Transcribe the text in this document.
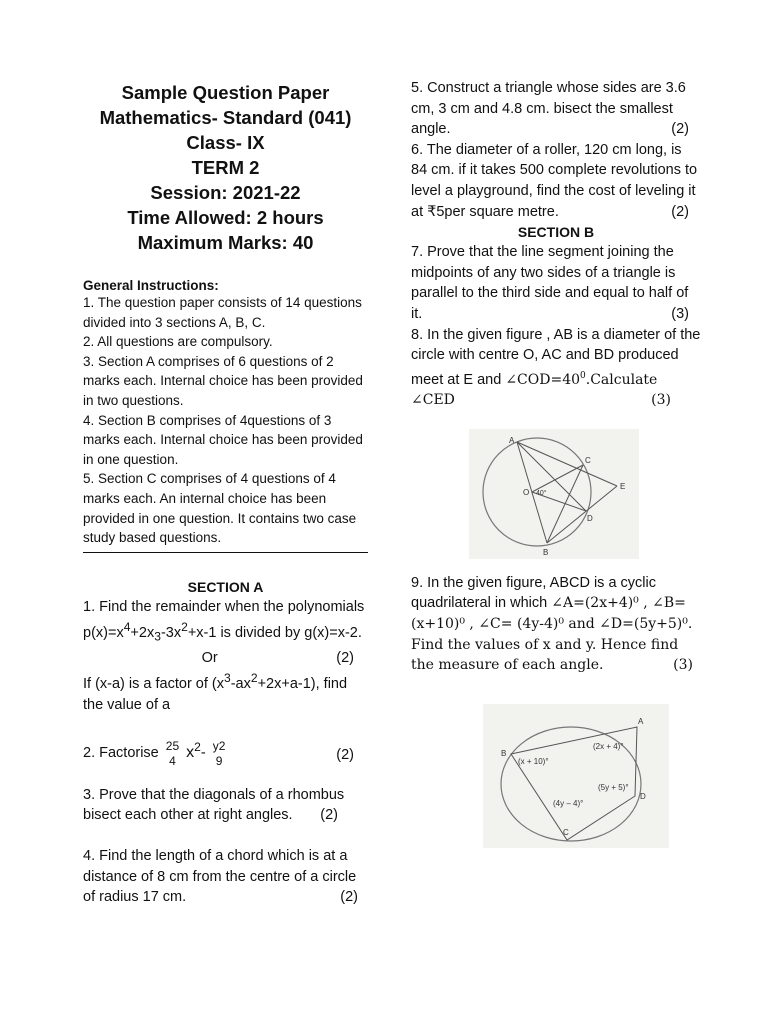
Sample Question Paper
Mathematics- Standard (041)
Class- IX
TERM 2
Session: 2021-22
Time Allowed: 2 hours
Maximum Marks: 40
General Instructions:
1. The question paper consists of 14 questions divided into 3 sections A, B, C.
2. All questions are compulsory.
3. Section A comprises of 6 questions of 2 marks each. Internal choice has been provided in two questions.
4. Section B comprises of 4questions of 3 marks each. Internal choice has been provided in one question.
5. Section C comprises of 4 questions of 4 marks each. An internal choice has been provided in one question. It contains two case study based questions.
SECTION A
1. Find the remainder when the polynomials $p(x)=x^4+2x_3-3x^2+x-1$ is divided by g(x)=x-2.
(2)
Or
If (x-a) is a factor of $(x^3-ax^2+2x+a-1)$, find the value of a
2. Factorise 25
4 $x^2-$ y2
9	(2)
3. Prove that the diagonals of a rhombus bisect each other at right angles. (2)
4. Find the length of a chord which is at a distance of 8 cm from the centre of a circle of radius 17 cm.	(2)
5. Construct a triangle whose sides are 3.6 cm, 3 cm and 4.8 cm. bisect the smallest angle.	(2)
6. The diameter of a roller, 120 cm long, is 84 cm. if it takes 500 complete revolutions to level a playground, find the cost of leveling it at ₹5per square metre.	(2)
SECTION B
7. Prove that the line segment joining the midpoints of any two sides of a triangle is parallel to the third side and equal to half of it.	(3)
8. In the given figure , AB is a diameter of the circle with centre O, AC and BD produced meet at E and $\angle COD=40^0.Calculate$ ∠CED	(3)
A
B
C
D
E
O 40°
9. In the given figure, ABCD is a cyclic quadrilateral in which ∠A=(2x+4)⁰ , ∠B=(x+10)⁰ , ∠C= (4y-4)⁰ and ∠D=(5y+5)⁰. Find the values of x and y. Hence find the measure of each angle.	(3)
A
B
C
D
(2x + 4)°
(x + 10)°
(4y – 4)°
(5y + 5)°
